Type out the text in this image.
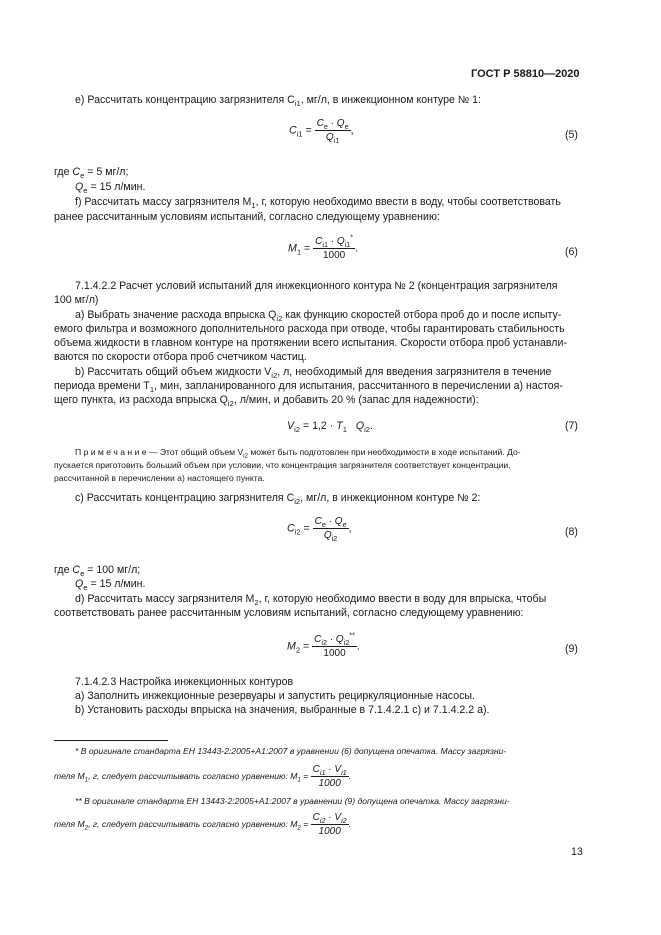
ГОСТ Р 58810—2020
e) Рассчитать концентрацию загрязнителя $C_{i1}$, мг/л, в инжекционном контуре № 1:
$C_{i1} = \frac{C_e \cdot Q_e}{Q_{i1}}$ ,	(5)
где $C_e = 5$ мг/л;
$Q_e = 15$ л/мин.
f) Рассчитать массу загрязнителя $M_1$, г, которую необходимо ввести в воду, чтобы соответствовать
ранее рассчитанным условиям испытаний, согласно следующему уравнению:
$M_1 = \frac{C_{i1} \cdot Q_{i1}^*}{1000}$ .	(6)
7.1.4.2.2 Расчет условий испытаний для инжекционного контура № 2 (концентрация загрязнителя
100 мг/л)
a) Выбрать значение расхода впрыска $Q_{i2}$ как функцию скоростей отбора проб до и после испыту-
емого фильтра и возможного дополнительного расхода при отводе, чтобы гарантировать стабильность
объема жидкости в главном контуре на протяжении всего испытания. Скорости отбора проб устанавли-
ваются по скорости отбора проб счетчиком частиц.
b) Рассчитать общий объем жидкости $V_{i2}$, л, необходимый для введения загрязнителя в течение
периода времени $T_1$, мин, запланированного для испытания, рассчитанного в перечислении a) настоя-
щего пункта, из расхода впрыска $Q_{i2}$, л/мин, и добавить 20 % (запас для надежности):
$V_{i2} = 1,2 \cdot T_1$ $Q_{i2}$.	(7)
П р и м е ч а н и е — Этот общий объем $V_{i2}$ может быть подготовлен при необходимости в ходе испытаний. До-
пускается приготовить больший объем при условии, что концентрация загрязнителя соответствует концентрации,
рассчитанной в перечислении a) настоящего пункта.
c) Рассчитать концентрацию загрязнителя $C_{i2}$, мг/л, в инжекционном контуре № 2:
$C_{i2} = \frac{C_e \cdot Q_e}{Q_{i2}}$ ,	(8)
где $C_e = 100$ мг/л;
$Q_e = 15$ л/мин.
d) Рассчитать массу загрязнителя $M_2$, г, которую необходимо ввести в воду для впрыска, чтобы
соответствовать ранее рассчитанным условиям испытаний, согласно следующему уравнению:
$M_2 = \frac{C_{i2} \cdot Q_{i2}^{**}}{1000}$ .	(9)
7.1.4.2.3 Настройка инжекционных контуров
a) Заполнить инжекционные резервуары и запустить рециркуляционные насосы.
b) Установить расходы впрыска на значения, выбранные в 7.1.4.2.1 c) и 7.1.4.2.2 a).
* В оригинале стандарта ЕН 13443-2:2005+А1:2007 в уравнении (6) допущена опечатка. Массу загрязни-
теля $M_1$, г, следует рассчитывать согласно уравнению: $M_1 = \frac{C_{i1} \cdot V_{i1}}{1000}$ .
** В оригинале стандарта ЕН 13443-2:2005+А1:2007 в уравнении (9) допущена опечатка. Массу загрязни-
теля $M_2$, г, следует рассчитывать согласно уравнению: $M_2 = \frac{C_{i2} \cdot V_{i2}}{1000}$ .
13
